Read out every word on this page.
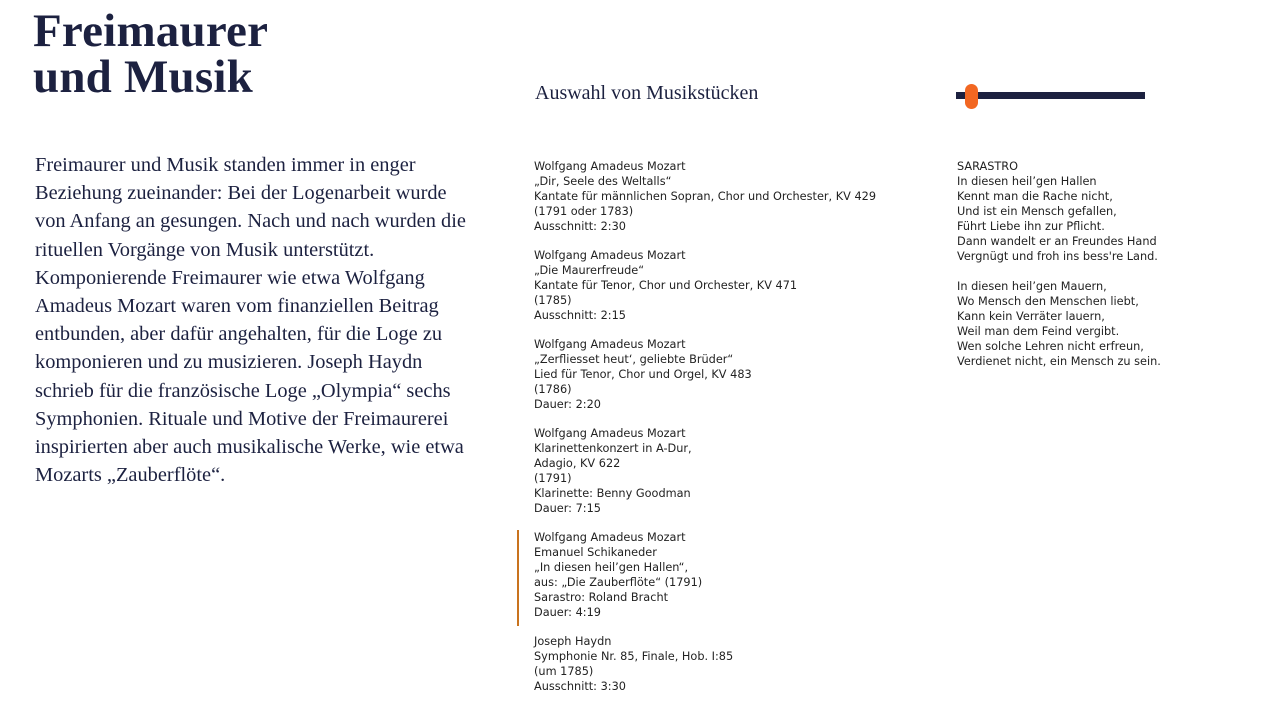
Freimaurer
und Musik
Freimaurer und Musik standen immer in enger Beziehung zueinander: Bei der Logenarbeit wurde von Anfang an gesungen. Nach und nach wurden die rituellen Vorgänge von Musik unterstützt. Komponierende Freimaurer wie etwa Wolfgang Amadeus Mozart waren vom finanziellen Beitrag entbunden, aber dafür angehalten, für die Loge zu komponieren und zu musizieren. Joseph Haydn schrieb für die französische Loge „Olympia“ sechs Symphonien. Rituale und Motive der Freimaurerei inspirierten aber auch musikalische Werke, wie etwa Mozarts „Zauberflöte“.
Auswahl von Musikstücken
Wolfgang Amadeus Mozart
„Dir, Seele des Weltalls“
Kantate für männlichen Sopran, Chor und Orchester, KV 429
(1791 oder 1783)
Ausschnitt: 2:30
Wolfgang Amadeus Mozart
„Die Maurerfreude“
Kantate für Tenor, Chor und Orchester, KV 471
(1785)
Ausschnitt: 2:15
Wolfgang Amadeus Mozart
„Zerfliesset heut‘, geliebte Brüder“
Lied für Tenor, Chor und Orgel, KV 483
(1786)
Dauer: 2:20
Wolfgang Amadeus Mozart
Klarinettenkonzert in A-Dur,
Adagio, KV 622
(1791)
Klarinette: Benny Goodman
Dauer: 7:15
Wolfgang Amadeus Mozart
Emanuel Schikaneder
„In diesen heil’gen Hallen“,
aus: „Die Zauberflöte“ (1791)
Sarastro: Roland Bracht
Dauer: 4:19
Joseph Haydn
Symphonie Nr. 85, Finale, Hob. I:85
(um 1785)
Ausschnitt: 3:30
SARASTRO
In diesen heil’gen Hallen
Kennt man die Rache nicht,
Und ist ein Mensch gefallen,
Führt Liebe ihn zur Pflicht.
Dann wandelt er an Freundes Hand
Vergnügt und froh ins bess're Land.
In diesen heil’gen Mauern,
Wo Mensch den Menschen liebt,
Kann kein Verräter lauern,
Weil man dem Feind vergibt.
Wen solche Lehren nicht erfreun,
Verdienet nicht, ein Mensch zu sein.
